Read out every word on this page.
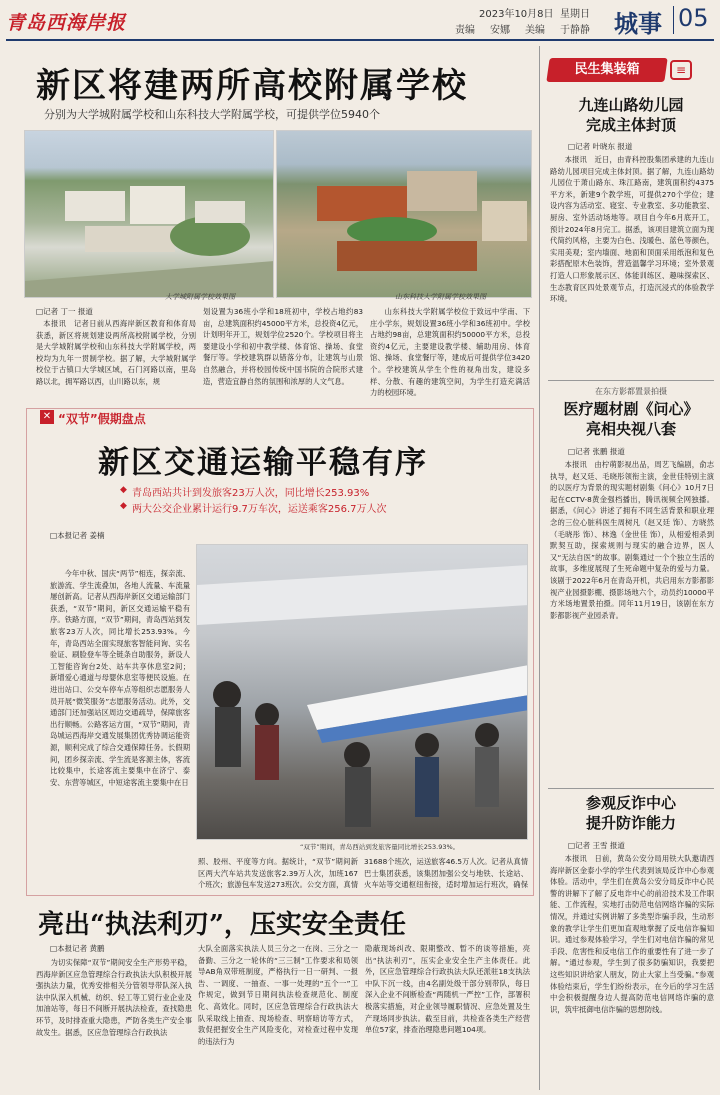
青岛西海岸报	2023年10月8日 星期日
责编 安娜 美编 于静静 城事 05
新区将建两所高校附属学校
分别为大学城附属学校和山东科技大学附属学校，可提供学位5940个
大学城附属学校效果图	山东科技大学附属学校效果图
□记者 丁一 报道
本报讯　记者日前从西海岸新区教育和体育局获悉，新区将规划建设两所高校附属学校，分别是大学城附属学校和山东科技大学附属学校，两校均为九年一贯制学校。据了解，大学城附属学校位于古镇口大学城区域，石门河路以南，里岛路以北，拥军路以西，山川路以东，规
划设置为36班小学和18班初中，学校占地约83亩，总建筑面积约45000平方米，总投资4亿元，计划明年开工，规划学位2520个。学校项目将主要建设小学和初中教学楼、体育馆、操场、食堂餐厅等。学校建筑群以错落分布，让建筑与山景自然融合，并将校园传统中国书院的合院形式建造，营造宜静自然的氛围和浓厚的人文气息。
山东科技大学附属学校位于致远中学南、下庄小学东，规划设置36班小学和36班初中。学校占地约98亩，总建筑面积约50000平方米，总投资约4亿元，主要建设教学楼、辅助用房、体育馆、操场、食堂餐厅等，建成后可提供学位3420个。学校建筑从学生个性的视角出发，建设多样、分散、有趣的建筑空间，为学生打造充满活力的校园环境。
✕ “双节”假期盘点
新区交通运输平稳有序
◆ 青岛西站共计到发旅客23万人次，同比增长253.93%
◆ 两大公交企业累计运行9.7万车次，运送乘客256.7万人次
□本报记者 姜楠
“双节”期间，青岛西站到发旅客量同比增长253.93%。
今年中秋、国庆“两节”相连，探亲流、旅游流、学生流叠加，各地人流量、车流量屡创新高。记者从西海岸新区交通运输部门获悉，“双节”期间，新区交通运输平稳有序。铁路方面，“双节”期间，青岛西站到发旅客23万人次，同比增长253.93%。今年，青岛西站全面实现旅客智能问询、实名验证、刷脸登车等全链条自助服务，新设人工智能咨询台2处、站车共享休息室2间；新增爱心通道与母婴休息室等便民设施。在进出站口、公交车停车点等组织志愿服务人员开展“微笑服务”志愿服务活动。此外，交通部门还加强站区周边交通疏导，保障旅客出行顺畅。公路客运方面，“双节”期间，青岛城运西海岸交通发展集团优秀协调运能资源，顺利完成了综合交通保障任务。长假期间，团乡探亲流、学生流是客源主体，客流比较集中，长途客流主要集中在济宁、泰安、东营等城区，中短途客流主要集中在日
照、胶州、平度等方向。据统计，“双节”期间新区两大汽车站共发送旅客2.39万人次，加班167个班次；旅游包车发送273班次。公交方面，真情
31688个班次，运送旅客46.5万人次。记者从真情巴士集团获悉，该集团加强公交与地铁、长途站、火车站等交通枢纽衔接，适时增加运行班次，确保
亮出“执法利刃”，压实安全责任
□本报记者 黄鹏
为切实保障“双节”期间安全生产形势平稳，西海岸新区应急管理综合行政执法大队积极开展强执法力量，优秀安排相关分管领导带队深入执法中队深入机械、纺织、轻工等工贸行业企业及加油站等，每日不间断开展执法检查，查找隐患环节，及时排查重大隐患，严防各类生产安全事故发生。据悉，区应急管理综合行政执法
大队全面落实执法人员三分之一在岗、三分之一备勤、三分之一轮休的“三三制”工作要求和局领导AB角双带班制度，严格执行一日一研判、一报告、一调度、一抽查、一事一处理的“五个一”工作规定，做到节日期间执法检查规范化、制度化、高效化。同时，区应急管理综合行政执法大队采取线上抽查、现场检查、明察暗访等方式，敦促把握安全生产风险变化，对检查过程中发现的违法行为
隐蔽现场纠改、限期整改、暂不的谈等措施，亮出“执法利刃”，压实企业安全生产主体责任。此外，区应急管理综合行政执法大队还派驻18支执法中队下沉一线，由4名副处级干部分别带队，每日深入企业不间断检查“两随机一严控”工作，部署积极落实措施，对企业领导履职情况、应急处置及生产现场同步执法。截至目前，共检查各类生产经营单位57家，排查治理隐患问题104项。
民生集装箱	≡
九连山路幼儿园
完成主体封顶
□记者 叶晓东 报道
本报讯　近日，由青科控股集团承建的九连山路幼儿园项目完成主体封顶。据了解，九连山路幼儿园位于萧山路东、珠江路南，建筑面积约4375平方米，新建9个教学班，可提供270个学位；建设内容为活动室、寝室、专业教室、多功能教室、厨房、室外活动场地等。项目自今年6月底开工，预计2024年8月完工。据悉，该项目建筑立面为现代简约风格，主要为白色、浅暖色、蓝色等颜色，实用美观；室内墙面、地面和顶面采用纸泡和复色彩搭配原木色装饰，营造温馨学习环境；室外景观打造人口形象展示区、体能训练区、趣味探索区、生态教育区四处景观节点，打造沉浸式的体验教学环境。
在东方影都置景拍摄
医疗题材剧《问心》
亮相央视八套
□记者 张鹏 报道
本报讯　由柠萌影视出品，周艺飞编剧，俞志执导，赵又廷、毛晓彤领衔主演，金世佳特别主演的以医疗为背景的现实题材剧集《问心》10月7日起在CCTV-8黄金强档播出，腾讯视频全网独播。据悉，《问心》讲述了拥有不同生活背景和职业理念的三位心脏科医生周树凡（赵又廷 饰）、方晓然（毛晓彤 饰）、林逸（金世佳 饰），从相爱相杀到默契互助，探索规则与现实的融合边界，医人又“无法自医”的故事。剧集通过一个个独立生活的故事，多维度展现了生死命题中复杂的爱与力量。该剧于2022年6月在青岛开机，共启用东方影都影视产业园摄影棚、摄影场地六个，动员约10000平方米场地置景拍摄。同年11月19日，该剧在东方影都影视产业园杀青。
参观反诈中心
提升防诈能力
□记者 王雪 报道
本报讯　日前，黄岛公安分局用铁大队邀请西海岸新区金泰小学的学生代表到该局反诈中心参观体验。活动中，学生们在黄岛公安分局反诈中心民警的讲解下了解了反电诈中心的前沿技术及工作职能、工作流程，实地打击防范电信网络诈骗的实际情况，并通过实例讲解了多类型诈骗手段，生动形象的教学让学生们更加直观地掌握了反电信诈骗知识。通过参观体验学习，学生们对电信诈骗的常见手段、危害性和反电信工作的重要性有了进一步了解。“通过参观，学生到了很多防骗知识，我要把这些知识讲给家人朋友，防止大家上当受骗。”参观体验结束后，学生们纷纷表示，在今后的学习生活中会积极提醒身边人提高防范电信网络诈骗的意识，筑牢抵御电信诈骗的思想防线。
